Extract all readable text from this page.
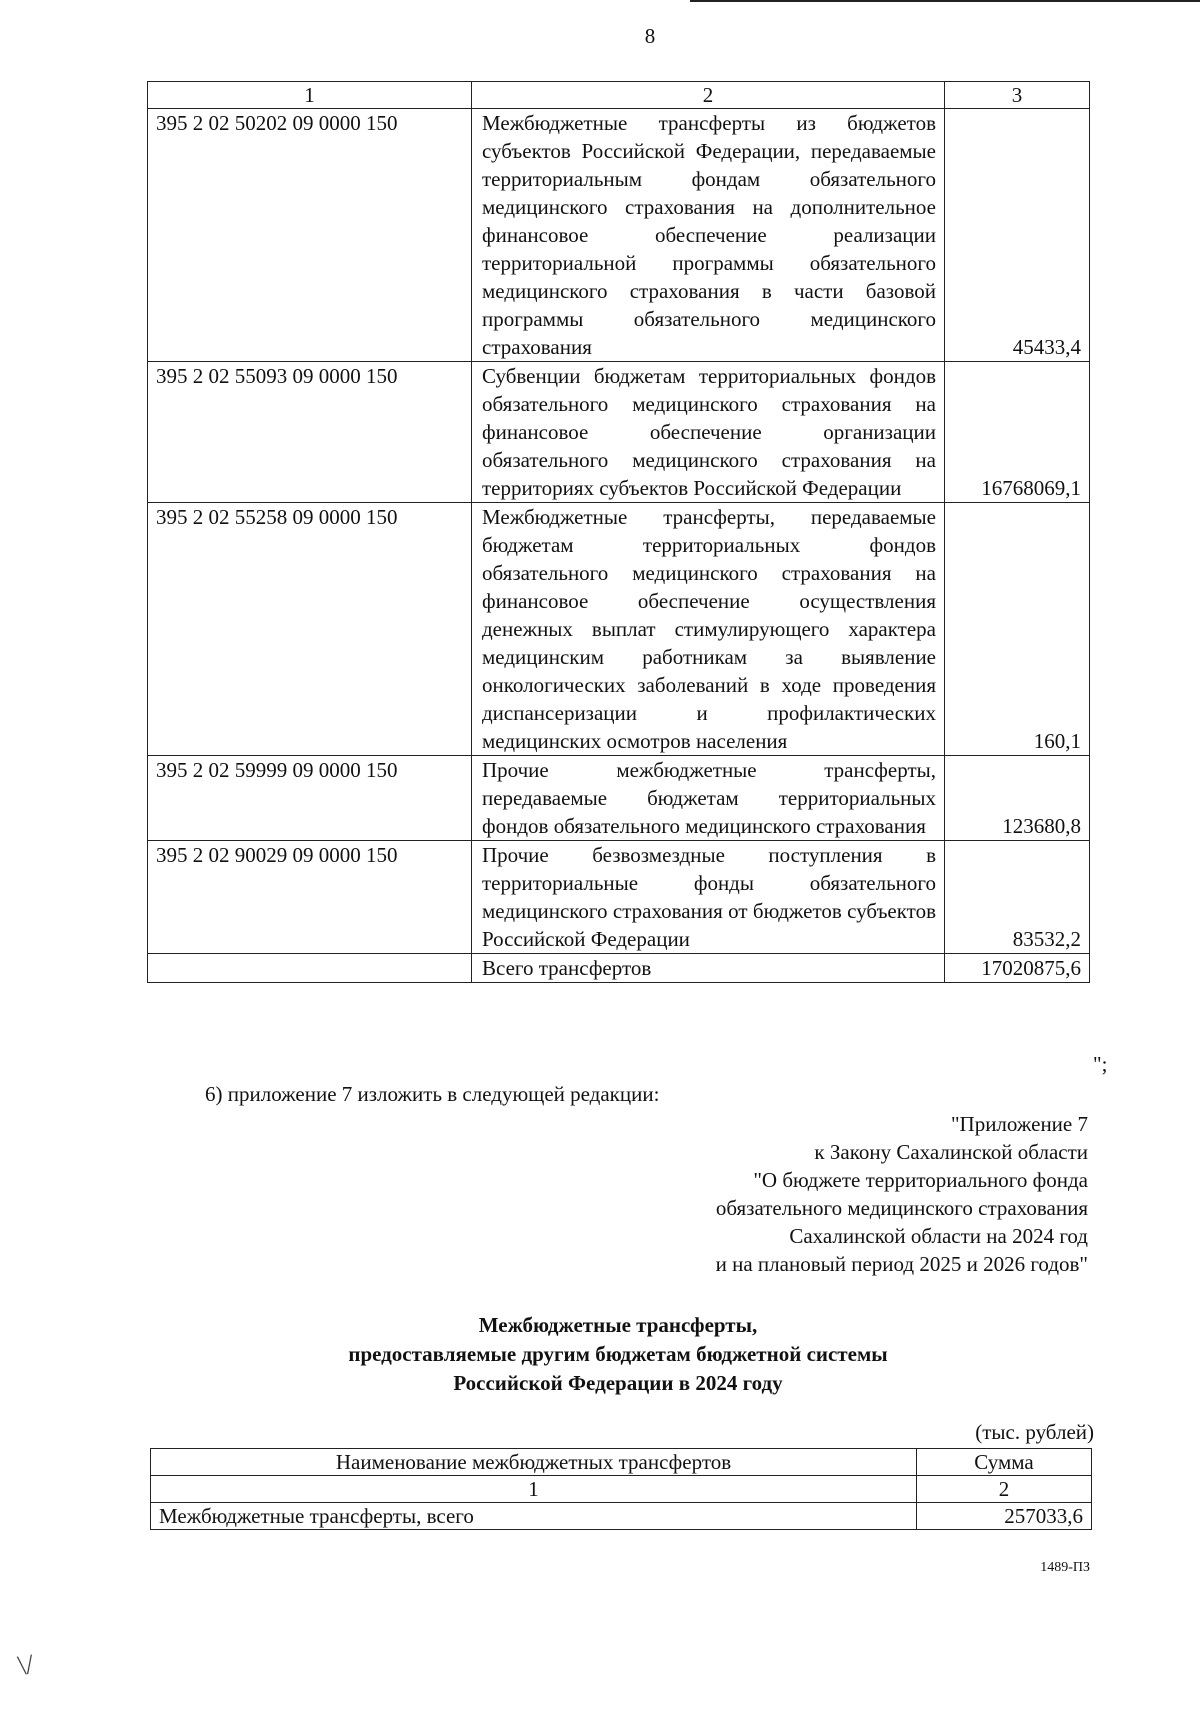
8
1	2	3
395 2 02 50202 09 0000 150	Межбюджетные трансферты из бюджетов субъектов Российской Федерации, передаваемые территориальным фондам обязательного медицинского страхования на дополнительное финансовое обеспечение реализации территориальной программы обязательного медицинского страхования в части базовой программы обязательного медицинского страхования	45433,4
395 2 02 55093 09 0000 150	Субвенции бюджетам территориальных фондов обязательного медицинского страхования на финансовое обеспечение организации обязательного медицинского страхования на территориях субъектов Российской Федерации	16768069,1
395 2 02 55258 09 0000 150	Межбюджетные трансферты, передаваемые бюджетам территориальных фондов обязательного медицинского страхования на финансовое обеспечение осуществления денежных выплат стимулирующего характера медицинским работникам за выявление онкологических заболеваний в ходе проведения диспансеризации и профилактических медицинских осмотров населения	160,1
395 2 02 59999 09 0000 150	Прочие межбюджетные трансферты, передаваемые бюджетам территориальных фондов обязательного медицинского страхования	123680,8
395 2 02 90029 09 0000 150	Прочие безвозмездные поступления в территориальные фонды обязательного медицинского страхования от бюджетов субъектов Российской Федерации	83532,2
	Всего трансфертов	17020875,6
";
6) приложение 7 изложить в следующей редакции:
"Приложение 7
к Закону Сахалинской области
"О бюджете территориального фонда
обязательного медицинского страхования
Сахалинской области на 2024 год
и на плановый период 2025 и 2026 годов"
Межбюджетные трансферты,
предоставляемые другим бюджетам бюджетной системы
Российской Федерации в 2024 году
(тыс. рублей)
Наименование межбюджетных трансфертов	Сумма
1	2
Межбюджетные трансферты, всего	257033,6
1489-ПЗ
\/
